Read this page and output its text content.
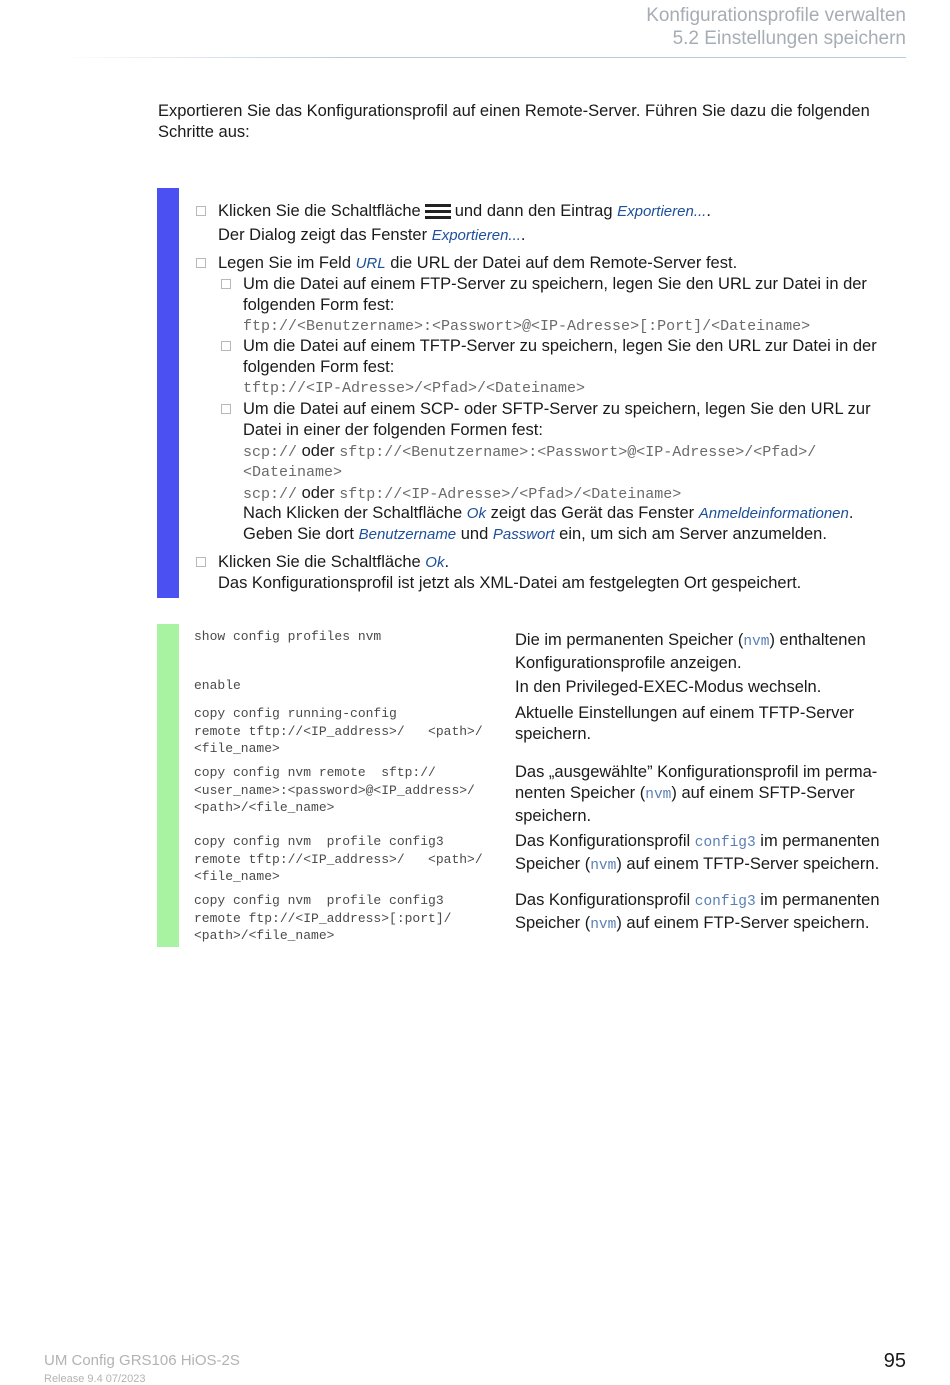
Konfigurationsprofile verwalten
5.2 Einstellungen speichern
Exportieren Sie das Konfigurationsprofil auf einen Remote-Server. Führen Sie dazu die folgenden Schritte aus:
Klicken Sie die Schaltfläche und dann den Eintrag Exportieren....
Der Dialog zeigt das Fenster Exportieren....
Legen Sie im Feld URL die URL der Datei auf dem Remote-Server fest.
Um die Datei auf einem FTP-Server zu speichern, legen Sie den URL zur Datei in der
folgenden Form fest:
ftp://<Benutzername>:<Passwort>@<IP-Adresse>[:Port]/<Dateiname>
Um die Datei auf einem TFTP-Server zu speichern, legen Sie den URL zur Datei in der
folgenden Form fest:
tftp://<IP-Adresse>/<Pfad>/<Dateiname>
Um die Datei auf einem SCP- oder SFTP-Server zu speichern, legen Sie den URL zur
Datei in einer der folgenden Formen fest:
scp:// oder sftp://<Benutzername>:<Passwort>@<IP-Adresse>/<Pfad>/
<Dateiname>
scp:// oder sftp://<IP-Adresse>/<Pfad>/<Dateiname>
Nach Klicken der Schaltfläche Ok zeigt das Gerät das Fenster Anmeldeinformationen.
Geben Sie dort Benutzername und Passwort ein, um sich am Server anzumelden.
Klicken Sie die Schaltfläche Ok.
Das Konfigurationsprofil ist jetzt als XML-Datei am festgelegten Ort gespeichert.
show config profiles nvm	Die im permanenten Speicher (nvm) enthaltenen
Konfigurationsprofile anzeigen.
enable	In den Privileged-EXEC-Modus wechseln.
copy config running-config
remote tftp://<IP_address>/   <path>/
<file_name>
Aktuelle Einstellungen auf einem TFTP-Server
speichern.
copy config nvm remote  sftp://
<user_name>:<password>@<IP_address>/
<path>/<file_name>
Das „ausgewählte” Konfigurationsprofil im perma-
nenten Speicher (nvm) auf einem SFTP-Server
speichern.
copy config nvm  profile config3
remote tftp://<IP_address>/   <path>/
<file_name>
Das Konfigurationsprofil config3 im permanenten
Speicher (nvm) auf einem TFTP-Server speichern.
copy config nvm  profile config3
remote ftp://<IP_address>[:port]/
<path>/<file_name>
Das Konfigurationsprofil config3 im permanenten
Speicher (nvm) auf einem FTP-Server speichern.
UM Config GRS106 HiOS-2S
Release 9.4 07/2023
95
